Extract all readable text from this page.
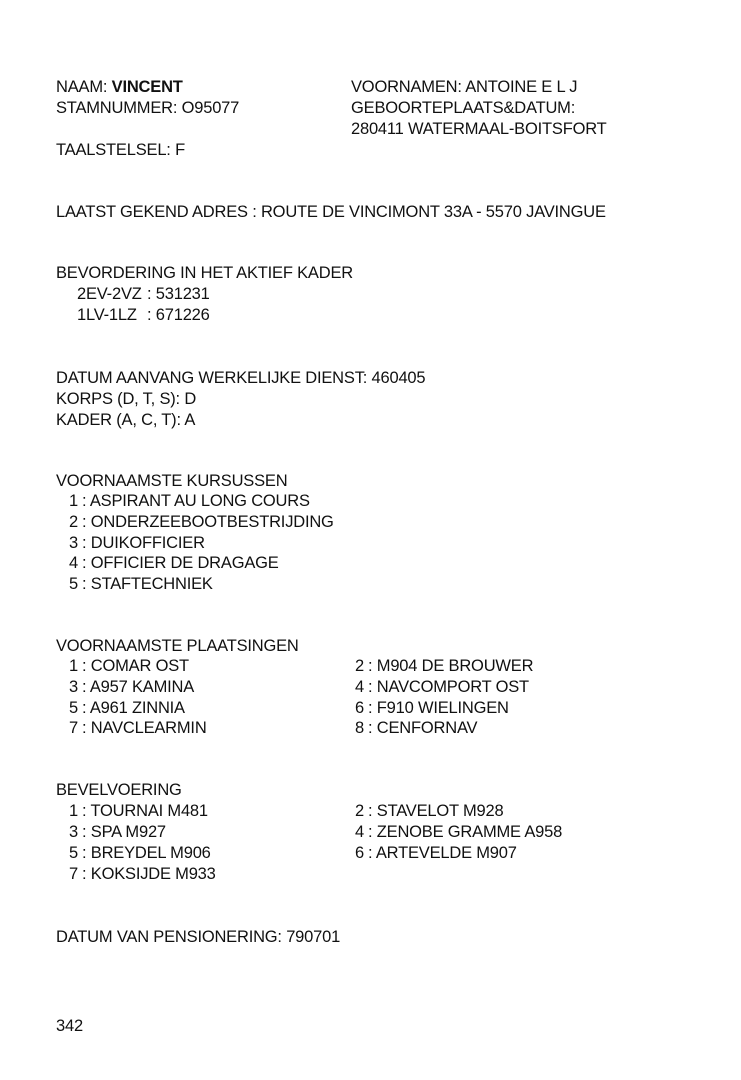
NAAM: VINCENT
STAMNUMMER: O95077
TAALSTELSEL: F
VOORNAMEN: ANTOINE E L J
GEBOORTEPLAATS&DATUM:
280411 WATERMAAL-BOITSFORT
LAATST GEKEND ADRES : ROUTE DE VINCIMONT 33A - 5570 JAVINGUE
BEVORDERING IN HET AKTIEF KADER
2EV-2VZ : 531231
1LV-1LZ : 671226
DATUM AANVANG WERKELIJKE DIENST: 460405
KORPS (D, T, S): D
KADER (A, C, T): A
VOORNAAMSTE KURSUSSEN
1 : ASPIRANT AU LONG COURS
2 : ONDERZEEBOOTBESTRIJDING
3 : DUIKOFFICIER
4 : OFFICIER DE DRAGAGE
5 : STAFTECHNIEK
VOORNAAMSTE PLAATSINGEN
1 : COMAR OST
3 : A957 KAMINA
5 : A961 ZINNIA
7 : NAVCLEARMIN
2 : M904 DE BROUWER
4 : NAVCOMPORT OST
6 : F910 WIELINGEN
8 : CENFORNAV
BEVELVOERING
1 : TOURNAI M481
3 : SPA M927
5 : BREYDEL M906
7 : KOKSIJDE M933
2 : STAVELOT M928
4 : ZENOBE GRAMME A958
6 : ARTEVELDE M907
DATUM VAN PENSIONERING: 790701
342
